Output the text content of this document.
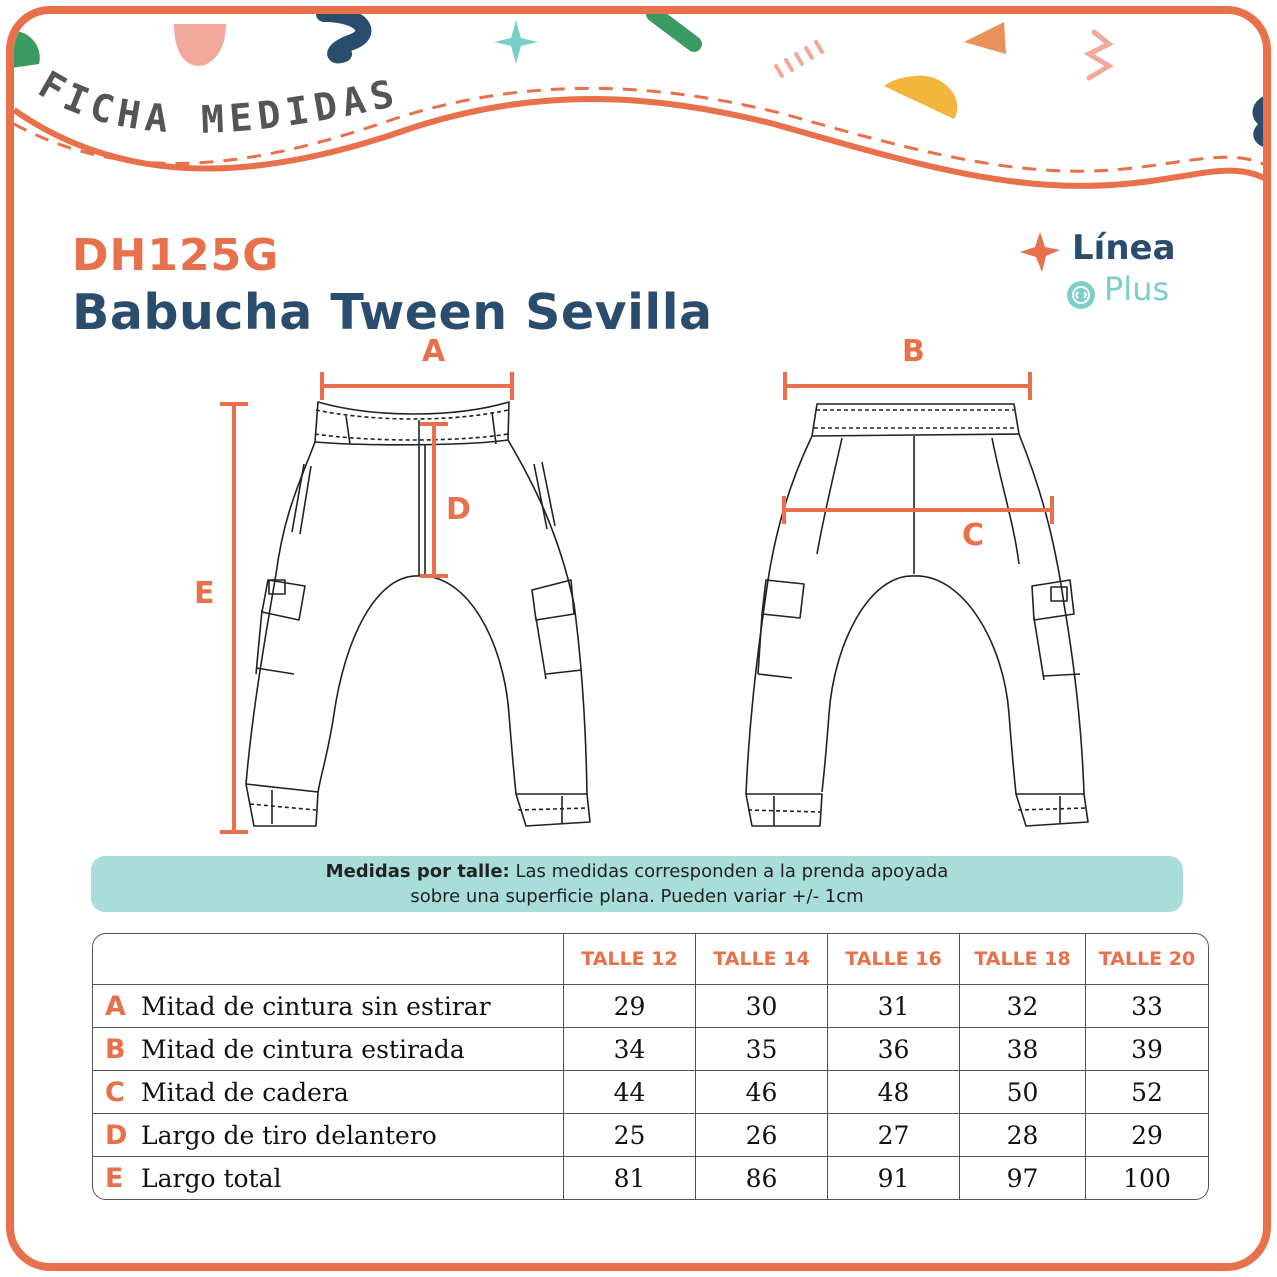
FICHA MEDIDAS
DH125G
Babucha Tween Sevilla
Línea
Plus
A	B
C
D
E
Medidas por talle: Las medidas corresponden a la prenda apoyada
sobre una superficie plana. Pueden variar +/- 1cm
	TALLE 12	TALLE 14	TALLE 16	TALLE 18	TALLE 20
A Mitad de cintura sin estirar	29	30	31	32	33
B Mitad de cintura estirada	34	35	36	38	39
C Mitad de cadera	44	46	48	50	52
D Largo de tiro delantero	25	26	27	28	29
E Largo total	81	86	91	97	100
